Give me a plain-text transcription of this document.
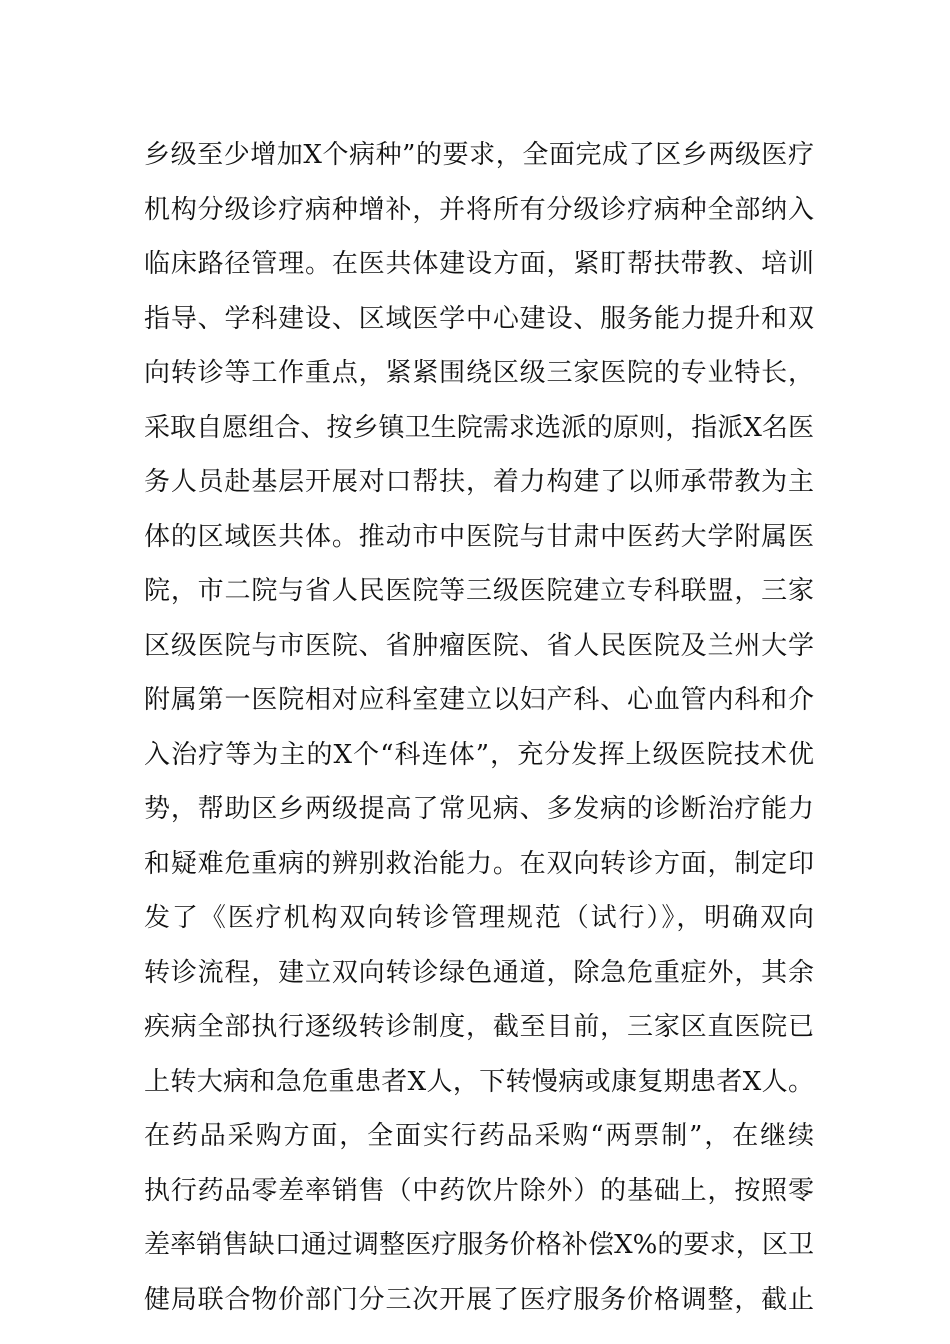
乡级至少增加X个病种”的要求，全面完成了区乡两级医疗
机构分级诊疗病种增补，并将所有分级诊疗病种全部纳入
临床路径管理。在医共体建设方面，紧盯帮扶带教、培训
指导、学科建设、区域医学中心建设、服务能力提升和双
向转诊等工作重点，紧紧围绕区级三家医院的专业特长，
采取自愿组合、按乡镇卫生院需求选派的原则，指派X名医
务人员赴基层开展对口帮扶，着力构建了以师承带教为主
体的区域医共体。推动市中医院与甘肃中医药大学附属医
院，市二院与省人民医院等三级医院建立专科联盟，三家
区级医院与市医院、省肿瘤医院、省人民医院及兰州大学
附属第一医院相对应科室建立以妇产科、心血管内科和介
入治疗等为主的X个“科连体”，充分发挥上级医院技术优
势，帮助区乡两级提高了常见病、多发病的诊断治疗能力
和疑难危重病的辨别救治能力。在双向转诊方面，制定印
发了《医疗机构双向转诊管理规范（试行）》，明确双向
转诊流程，建立双向转诊绿色通道，除急危重症外，其余
疾病全部执行逐级转诊制度，截至目前，三家区直医院已
上转大病和急危重患者X人，下转慢病或康复期患者X人。
在药品采购方面，全面实行药品采购“两票制”，在继续
执行药品零差率销售（中药饮片除外）的基础上，按照零
差率销售缺口通过调整医疗服务价格补偿X%的要求，区卫
健局联合物价部门分三次开展了医疗服务价格调整，截止
